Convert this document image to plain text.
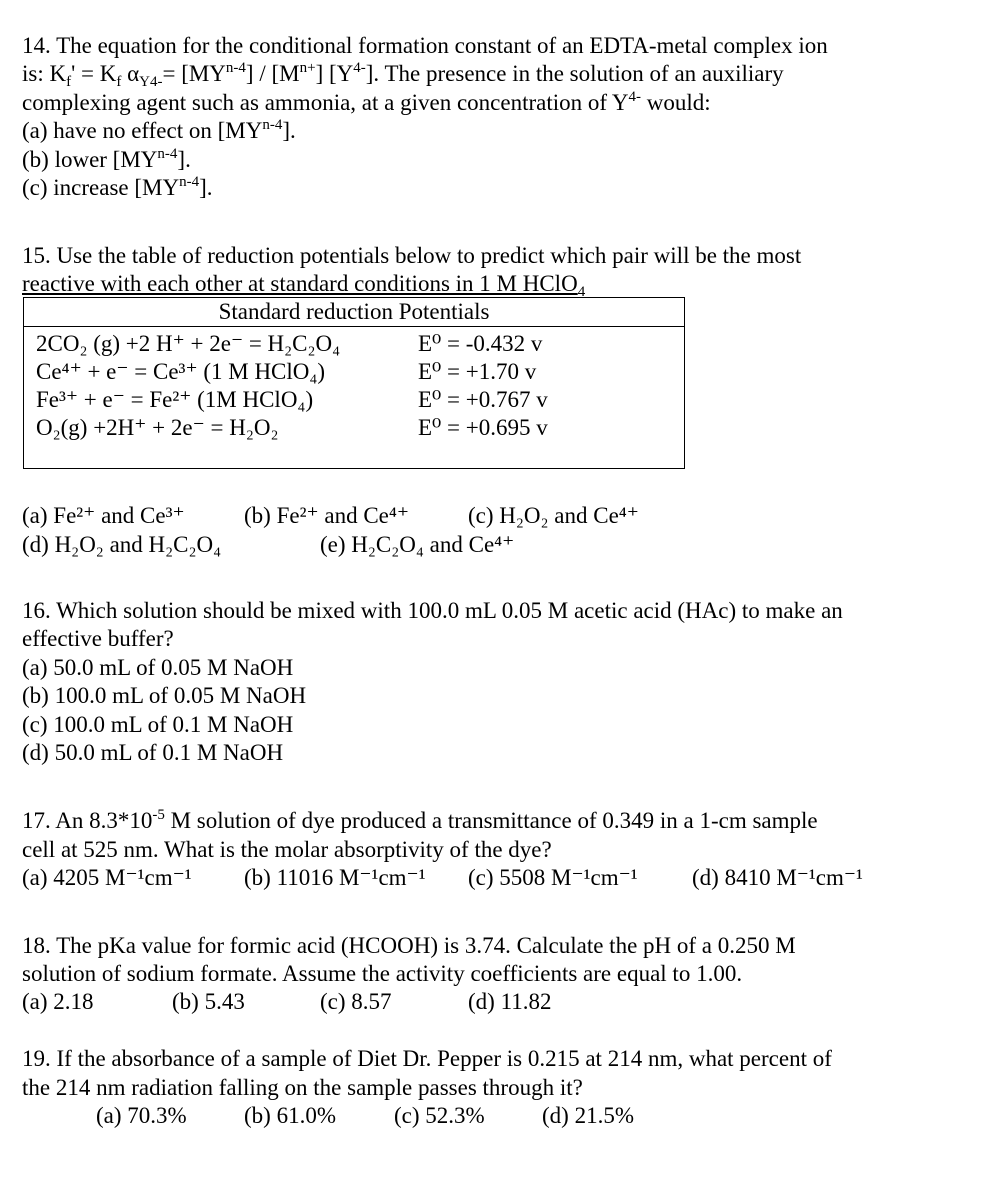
14. The equation for the conditional formation constant of an EDTA-metal complex ion
is: $K_f' = K_f$ $\alpha_{Y4-}= [MY^{n-4}] / [M^{n+}]$ $[Y^{4-}]$. The presence in the solution of an auxiliary
complexing agent such as ammonia, at a given concentration of $Y^{4-}$ would:
(a) have no effect on [MY$^{n-4}$].
(b) lower [MY$^{n-4}$].
(c) increase [MY$^{n-4}$].
15. Use the table of reduction potentials below to predict which pair will be the most
reactive with each other at standard conditions in 1 M HClO$_4$
Standard reduction Potentials
2CO₂ (g) +2 H⁺ + 2e⁻ = H₂C₂O₄	E⁰ = -0.432 v
Ce⁴⁺ + e⁻ = Ce³⁺ (1 M HClO₄)	E⁰ = +1.70 v
Fe³⁺ + e⁻ = Fe²⁺ (1M HClO₄)	E⁰ = +0.767 v
O₂(g) +2H⁺ + 2e⁻ = H₂O₂	E⁰ = +0.695 v
(a) Fe²⁺ and Ce³⁺	(b) Fe²⁺ and Ce⁴⁺	(c) H₂O₂ and Ce⁴⁺
(d) H₂O₂ and H₂C₂O₄	(e) H₂C₂O₄ and Ce⁴⁺
16. Which solution should be mixed with 100.0 mL 0.05 M acetic acid (HAc) to make an
effective buffer?
(a) 50.0 mL of 0.05 M NaOH
(b) 100.0 mL of 0.05 M NaOH
(c) 100.0 mL of 0.1 M NaOH
(d) 50.0 mL of 0.1 M NaOH
17. An $8.3*10^{-5}$ M solution of dye produced a transmittance of 0.349 in a 1-cm sample
cell at 525 nm. What is the molar absorptivity of the dye?
(a) 4205 M⁻¹cm⁻¹ (b) 11016 M⁻¹cm⁻¹ (c) 5508 M⁻¹cm⁻¹ (d) 8410 M⁻¹cm⁻¹
18. The pKa value for formic acid (HCOOH) is 3.74. Calculate the pH of a 0.250 M
solution of sodium formate. Assume the activity coefficients are equal to 1.00.
(a) 2.18	(b) 5.43	(c) 8.57	(d) 11.82
19. If the absorbance of a sample of Diet Dr. Pepper is 0.215 at 214 nm, what percent of
the 214 nm radiation falling on the sample passes through it?
(a) 70.3% (b) 61.0%	(c) 52.3% (d) 21.5%
